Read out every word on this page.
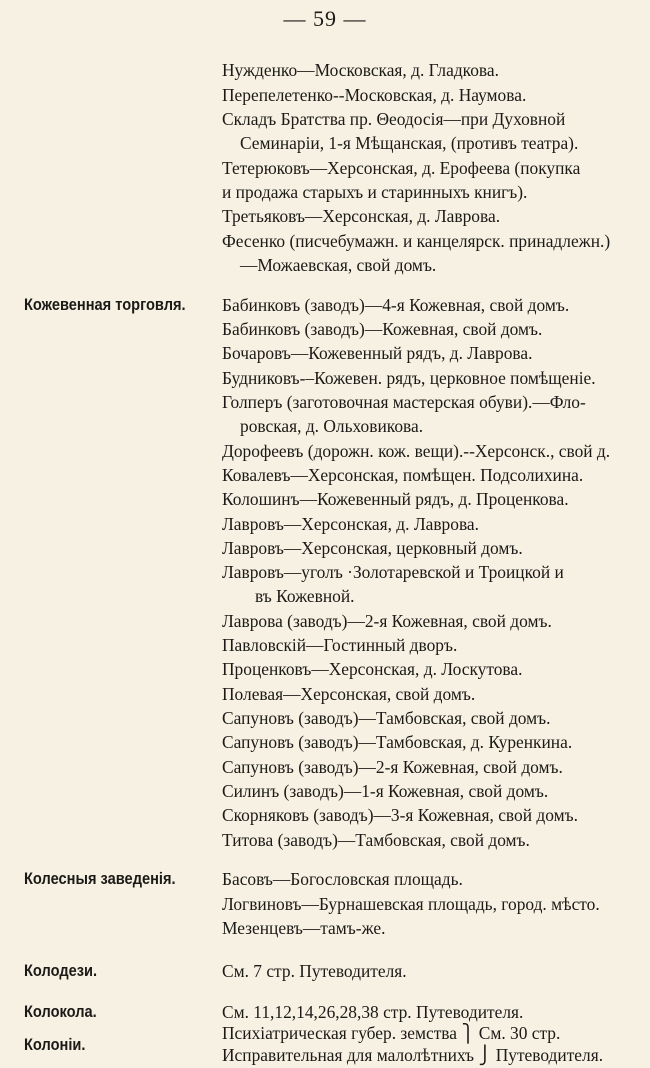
— 59 —
Нужденко—Московская, д. Гладкова.
Перепелетенко--Московская, д. Наумова.
Складъ Братства пр. Θеодосія—при Духовной
Семинаріи, 1-я Мѣщанская, (противъ театра).
Тетерюковъ—Херсонская, д. Ерофеева (покупка
и продажа старыхъ и старинныхъ книгъ).
Третьяковъ—Херсонская, д. Лаврова.
Фесенко (писчебумажн. и канцелярск. принадлежн.)
—Можаевская, свой домъ.
Кожевенная торговля. Бабинковъ (заводъ)—4-я Кожевная, свой домъ.
Бабинковъ (заводъ)—Кожевная, свой домъ.
Бочаровъ—Кожевенный рядъ, д. Лаврова.
Будниковъ-–Кожевен. рядъ, церковное помѣщеніе.
Голперъ (заготовочная мастерская обуви).—Фло-
ровская, д. Ольховикова.
Дорофеевъ (дорожн. кож. вещи).--Херсонск., свой д.
Ковалевъ—Херсонская, помѣщен. Подсолихина.
Колошинъ—Кожевенный рядъ, д. Проценкова.
Лавровъ—Херсонская, д. Лаврова.
Лавровъ—Херсонская, церковный домъ.
Лавровъ—уголъ ·Золотаревской и Троицкой и
въ Кожевной.
Лаврова (заводъ)—2-я Кожевная, свой домъ.
Павловскій—Гостинный дворъ.
Проценковъ—Херсонская, д. Лоскутова.
Полевая—Херсонская, свой домъ.
Сапуновъ (заводъ)—Тамбовская, свой домъ.
Сапуновъ (заводъ)—Тамбовская, д. Куренкина.
Сапуновъ (заводъ)—2-я Кожевная, свой домъ.
Силинъ (заводъ)—1-я Кожевная, свой домъ.
Скорняковъ (заводъ)—3-я Кожевная, свой домъ.
Титова (заводъ)—Тамбовская, свой домъ.
Колесныя заведенія.	Басовъ—Богословская площадь.
Логвиновъ—Бурнашевская площадь, город. мѣсто.
Мезенцевъ—тамъ-же.
Колодези.	См. 7 стр. Путеводителя.
Колокола.	См. 11,12,14,26,28,38 стр. Путеводителя.
Колоніи.
Психіатрическая губер. земства ⎫ См. 30 стр.
Исправительная для малолѣтнихъ ⎭ Путеводителя.
